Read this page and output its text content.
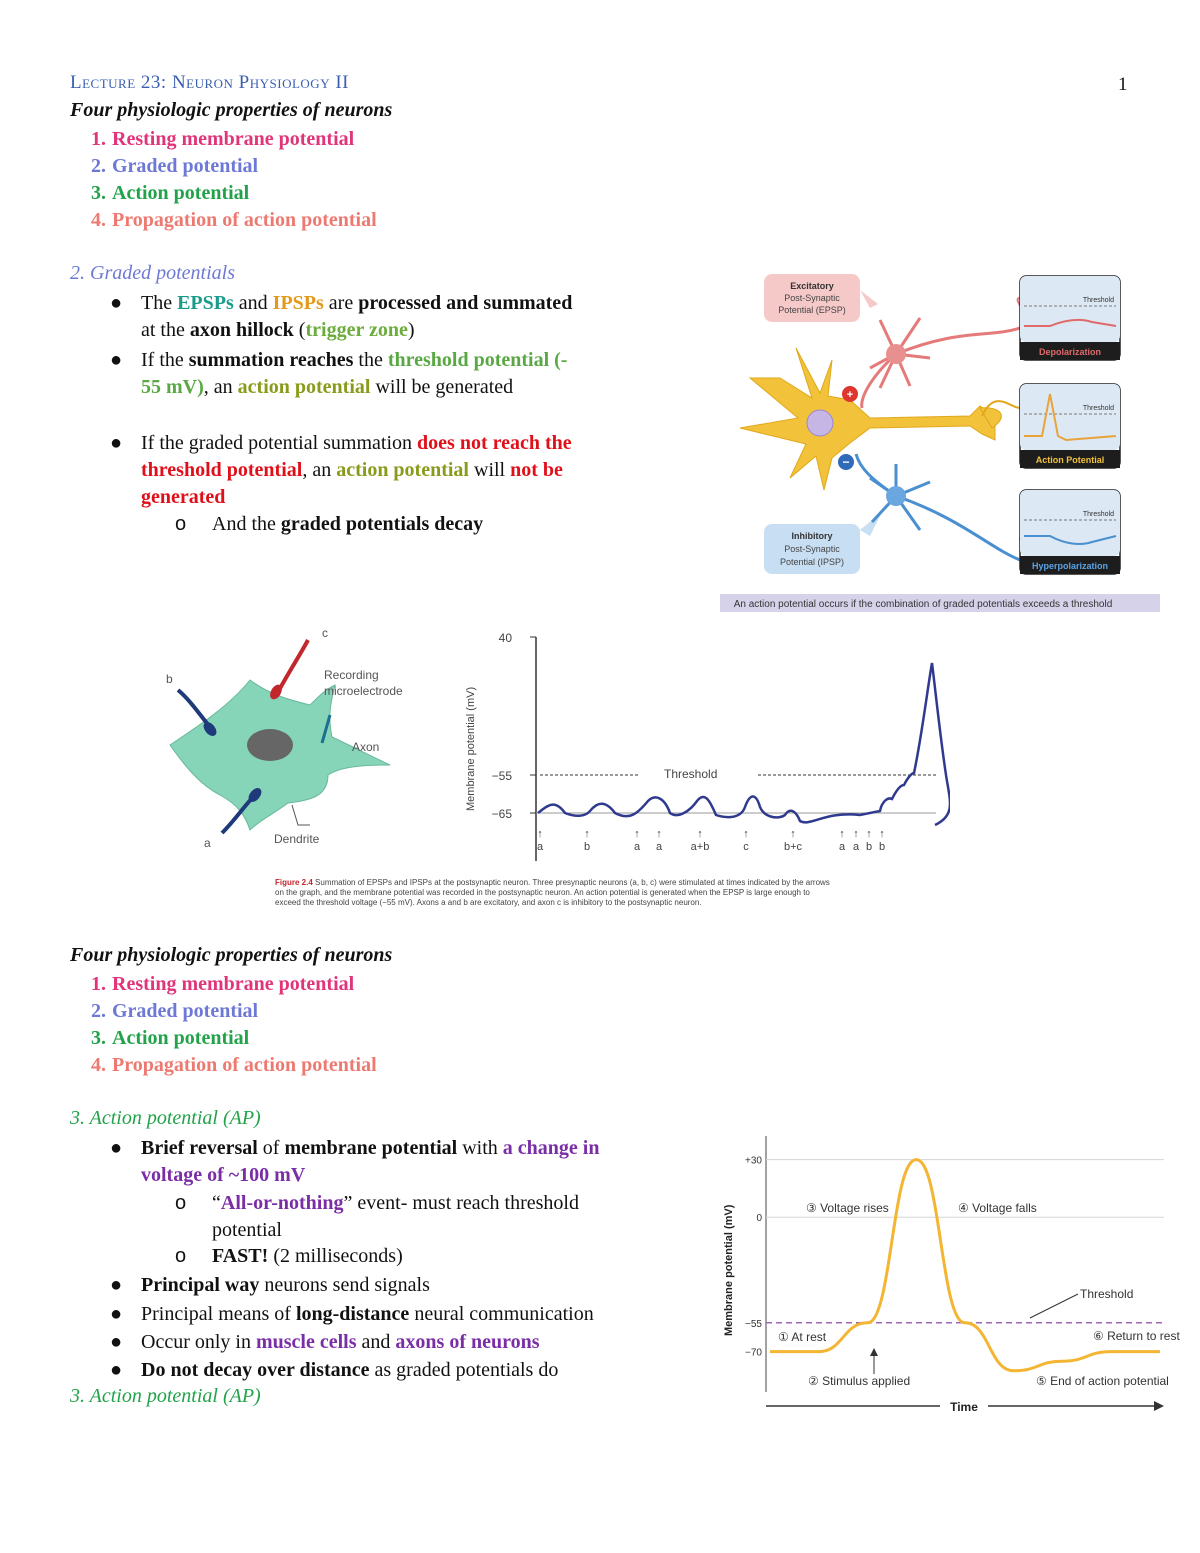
Lecture 23: Neuron Physiology II	1
Four physiologic properties of neurons
1. Resting membrane potential
2. Graded potential
3. Action potential
4. Propagation of action potential
2. Graded potentials
● The EPSPs and IPSPs are processed and summated
at the axon hillock (trigger zone)
● If the summation reaches the threshold potential (-
55 mV), an action potential will be generated
● If the graded potential summation does not reach the
threshold potential, an action potential will not be
generated
o And the graded potentials decay
Excitatory
Post-Synaptic
Potential (EPSP)
Inhibitory
Post-Synaptic
Potential (IPSP)
+
−
Threshold
Depolarization
Threshold
Action Potential
Threshold
Hyperpolarization
An action potential occurs if the combination of graded potentials exceeds a threshold
c
b
a
Recording
microelectrode
Axon
Dendrite
40
−55
−65
Membrane potential (mV)	Threshold
↑
a
↑
b
↑
a
↑
a
↑
a+b
↑
c
↑
b+c
↑
a
↑
a
↑
b
↑
b
Figure 2.4 Summation of EPSPs and IPSPs at the postsynaptic neuron. Three presynaptic neurons (a, b, c) were stimulated at times indicated by the arrows on the graph, and the membrane potential was recorded in the postsynaptic neuron. An action potential is generated when the EPSP is large enough to exceed the threshold voltage (−55 mV). Axons a and b are excitatory, and axon c is inhibitory to the postsynaptic neuron.
Four physiologic properties of neurons
1. Resting membrane potential
2. Graded potential
3. Action potential
4. Propagation of action potential
3. Action potential (AP)
● Brief reversal of membrane potential with a change in
voltage of ~100 mV
o “All-or-nothing” event- must reach threshold
potential
o FAST! (2 milliseconds)
● Principal way neurons send signals
● Principal means of long-distance neural communication
● Occur only in muscle cells and axons of neurons
● Do not decay over distance as graded potentials do
3. Action potential (AP)
+30
0
−55
−70
Membrane potential (mV)	Threshold
③ Voltage rises	④ Voltage falls
① At rest	⑥ Return to rest
② Stimulus applied	⑤ End of action potential
Time
